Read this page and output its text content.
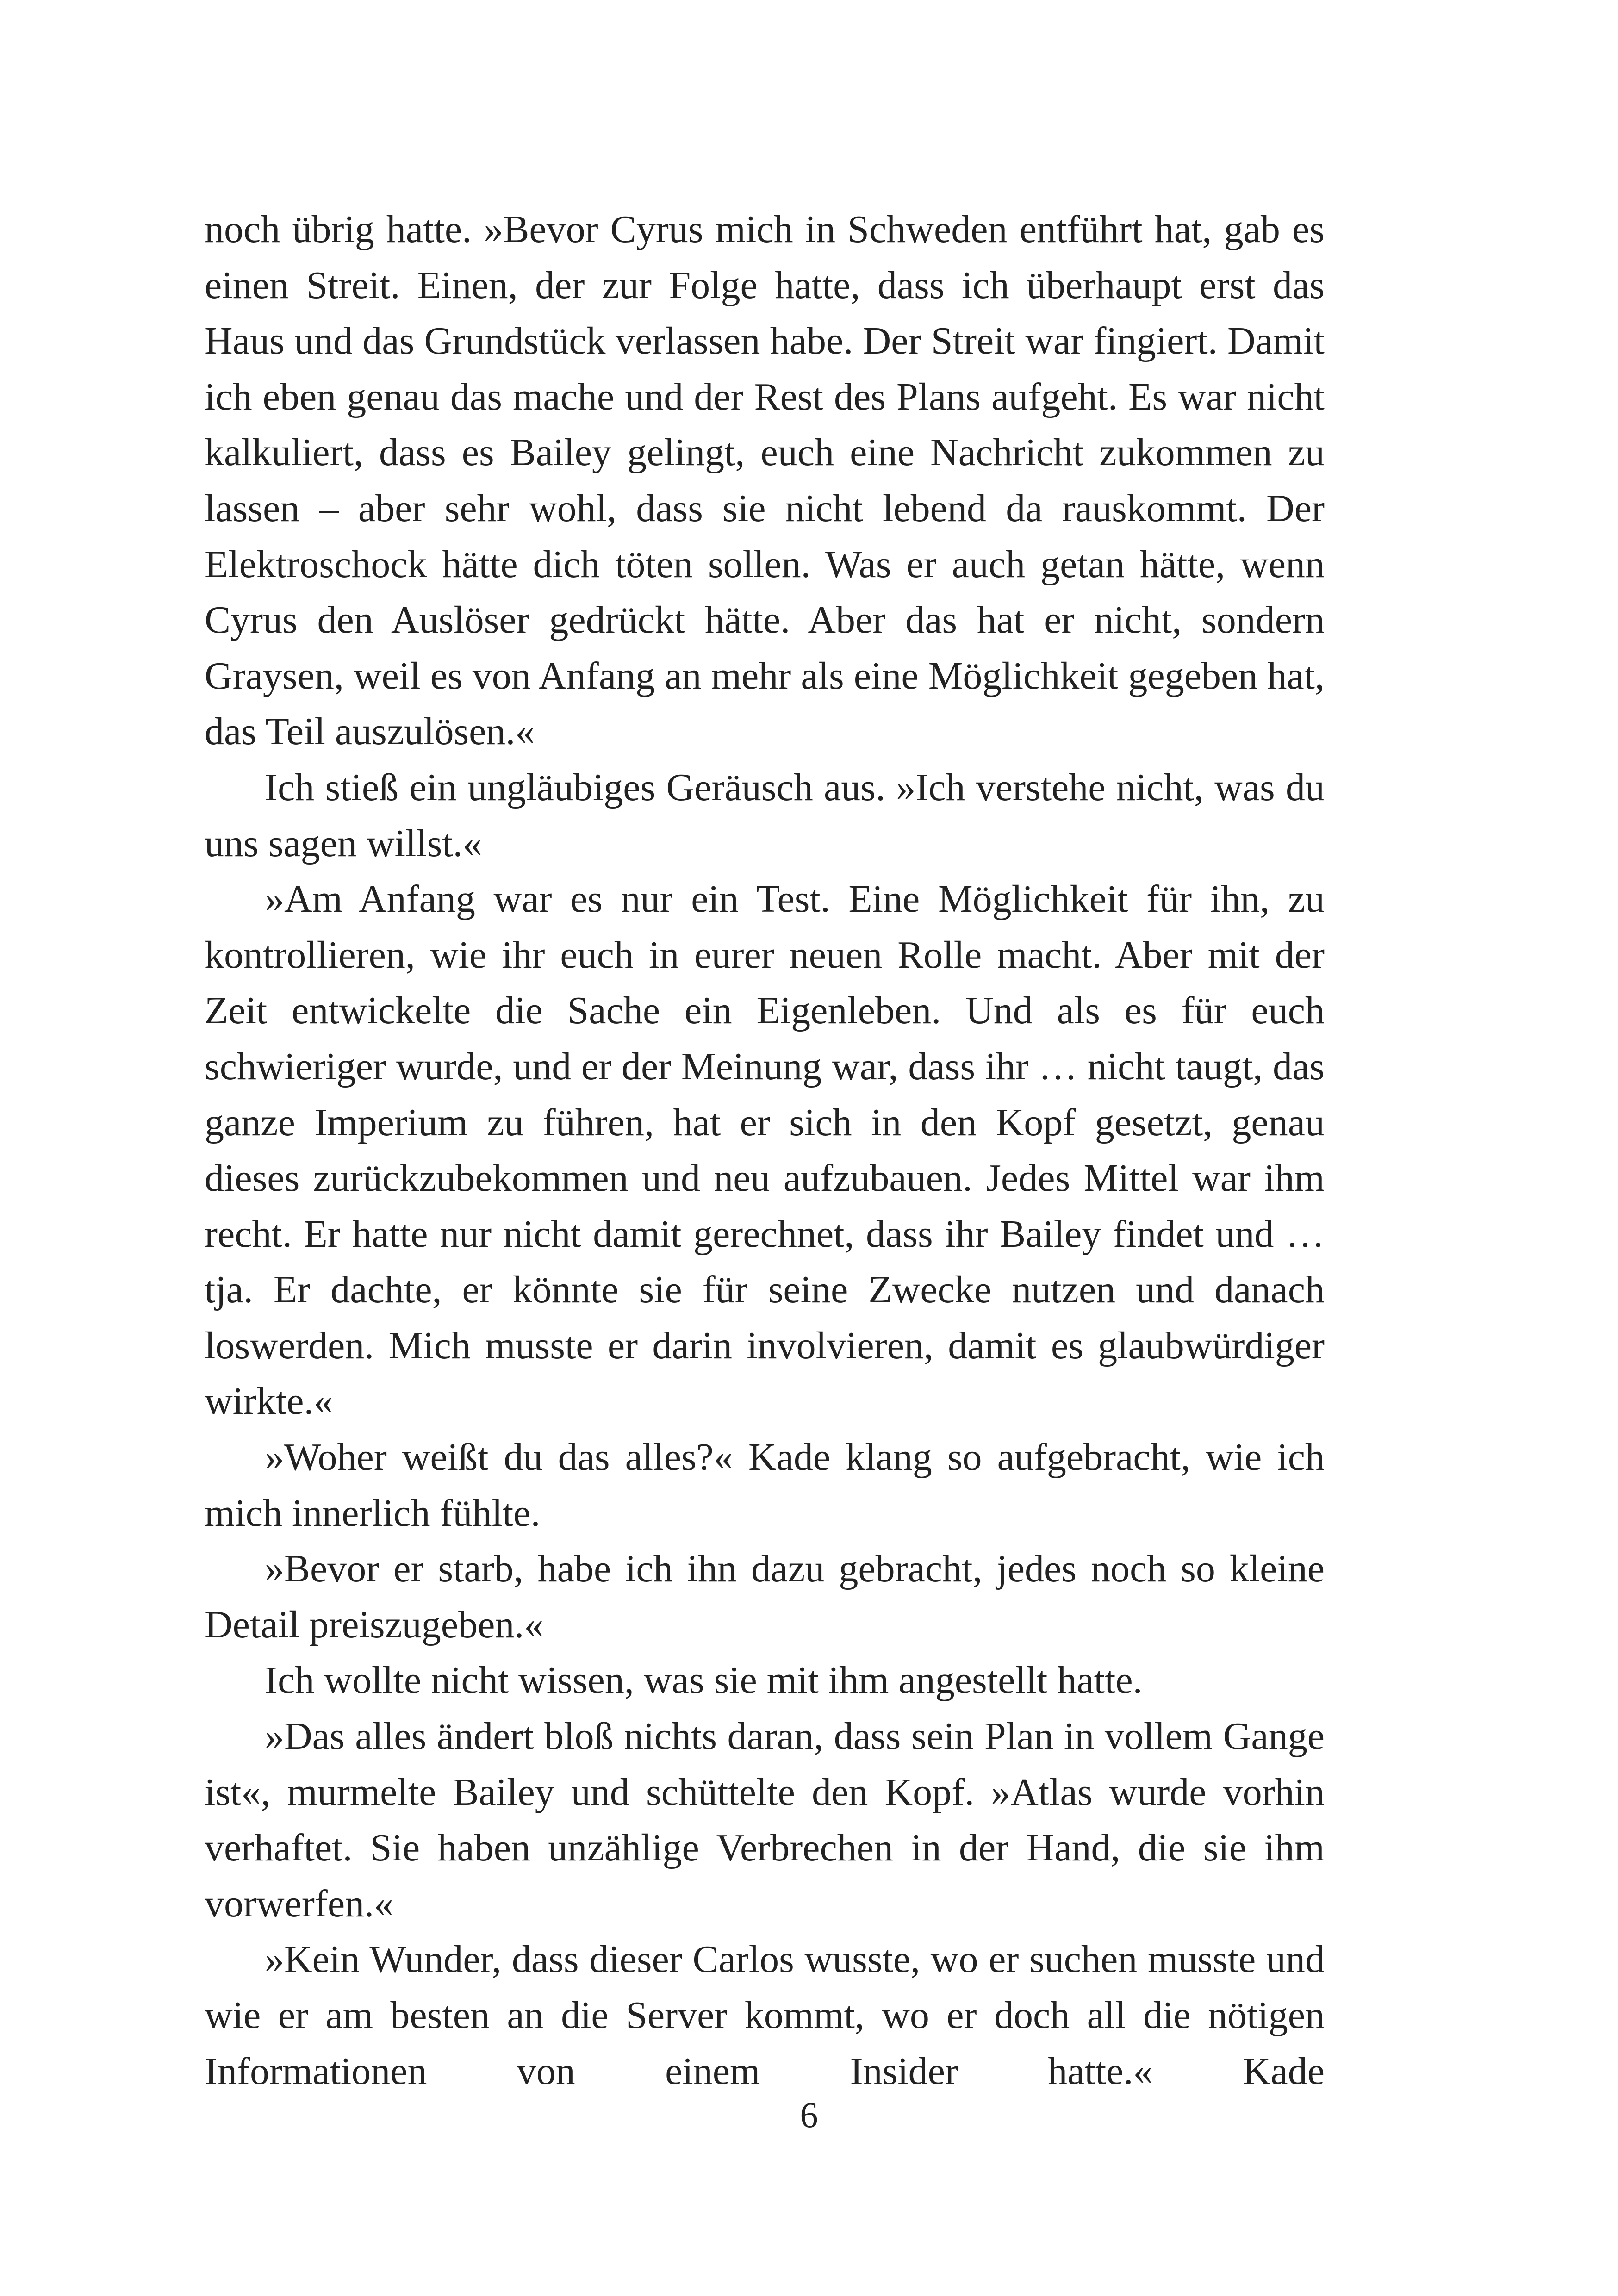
noch übrig hatte. »Bevor Cyrus mich in Schweden entführt hat, gab es einen Streit. Einen, der zur Folge hatte, dass ich überhaupt erst das Haus und das Grundstück verlassen habe. Der Streit war fingiert. Damit ich eben genau das mache und der Rest des Plans aufgeht. Es war nicht kalkuliert, dass es Bailey gelingt, euch eine Nachricht zukommen zu lassen – aber sehr wohl, dass sie nicht lebend da rauskommt. Der Elektroschock hätte dich töten sollen. Was er auch getan hätte, wenn Cyrus den Auslöser gedrückt hätte. Aber das hat er nicht, sondern Graysen, weil es von Anfang an mehr als eine Möglichkeit gegeben hat, das Teil auszulösen.«

Ich stieß ein ungläubiges Geräusch aus. »Ich verstehe nicht, was du uns sagen willst.«

»Am Anfang war es nur ein Test. Eine Möglichkeit für ihn, zu kontrollieren, wie ihr euch in eurer neuen Rolle macht. Aber mit der Zeit entwickelte die Sache ein Eigenleben. Und als es für euch schwieriger wurde, und er der Meinung war, dass ihr … nicht taugt, das ganze Imperium zu führen, hat er sich in den Kopf gesetzt, genau dieses zurückzubekommen und neu aufzubauen. Jedes Mittel war ihm recht. Er hatte nur nicht damit gerechnet, dass ihr Bailey findet und … tja. Er dachte, er könnte sie für seine Zwecke nutzen und danach loswerden. Mich musste er darin involvieren, damit es glaubwürdiger wirkte.«

»Woher weißt du das alles?« Kade klang so aufgebracht, wie ich mich innerlich fühlte.

»Bevor er starb, habe ich ihn dazu gebracht, jedes noch so kleine Detail preiszugeben.«

Ich wollte nicht wissen, was sie mit ihm angestellt hatte.

»Das alles ändert bloß nichts daran, dass sein Plan in vollem Gange ist«, murmelte Bailey und schüttelte den Kopf. »Atlas wurde vorhin verhaftet. Sie haben unzählige Verbrechen in der Hand, die sie ihm vorwerfen.«

»Kein Wunder, dass dieser Carlos wusste, wo er suchen musste und wie er am besten an die Server kommt, wo er doch all die nötigen Informationen von einem Insider hatte.« Kade

6
